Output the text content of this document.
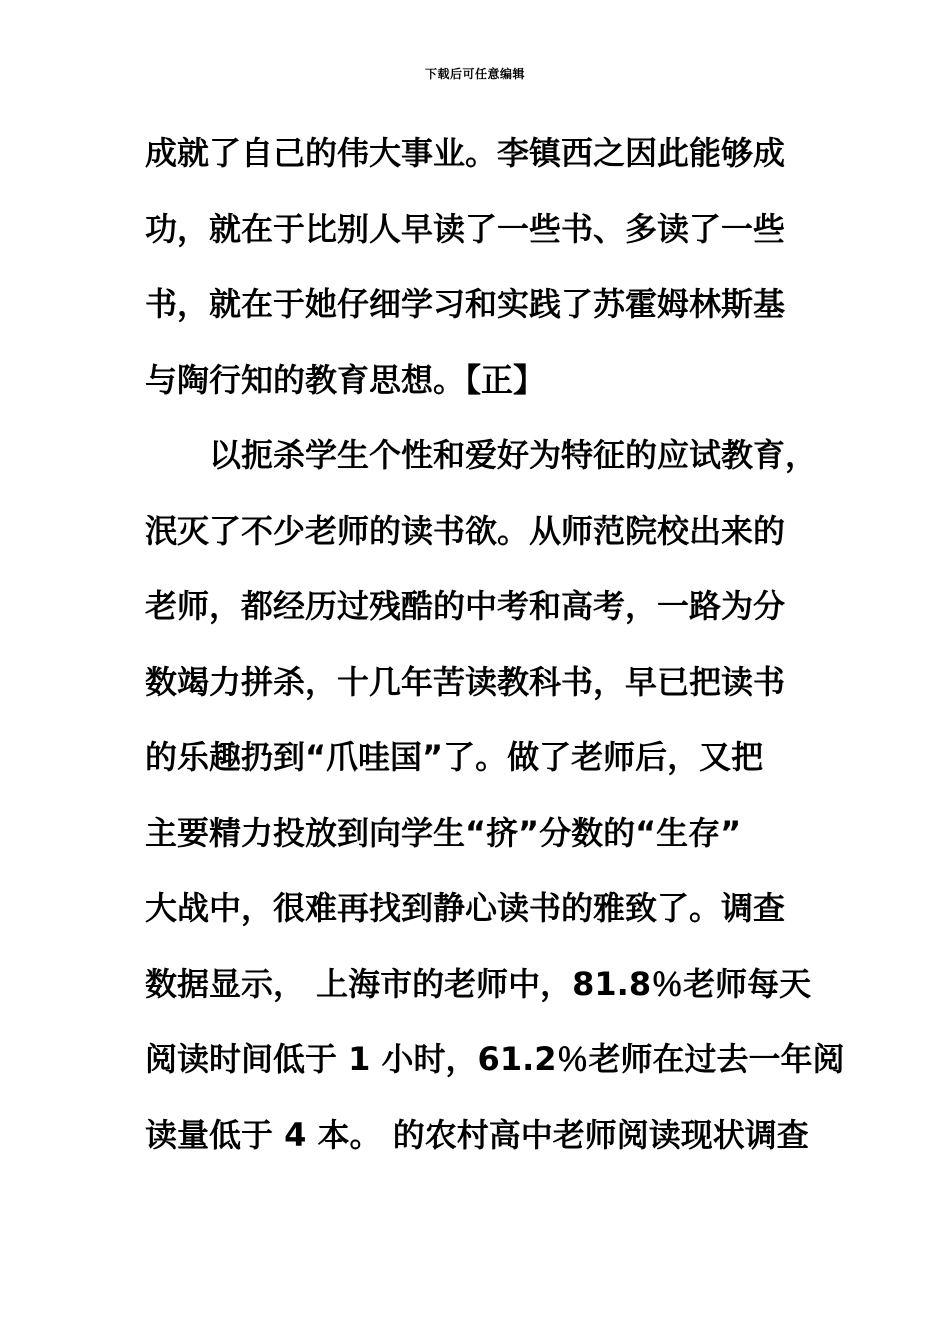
下载后可任意编辑
成就了自己的伟大事业。李镇西之因此能够成
功，就在于比别人早读了一些书、多读了一些
书，就在于她仔细学习和实践了苏霍姆林斯基
与陶行知的教育思想。【正】
以扼杀学生个性和爱好为特征的应试教育，
泯灭了不少老师的读书欲。从师范院校出来的
老师，都经历过残酷的中考和高考，一路为分
数竭力拼杀，十几年苦读教科书，早已把读书
的乐趣扔到“爪哇国”了。做了老师后，又把
主要精力投放到向学生“挤”分数的“生存”
大战中，很难再找到静心读书的雅致了。调查
数据显示， 上海市的老师中，81.8％老师每天
阅读时间低于 1 小时，61.2％老师在过去一年阅
读量低于 4 本。 的农村高中老师阅读现状调查
